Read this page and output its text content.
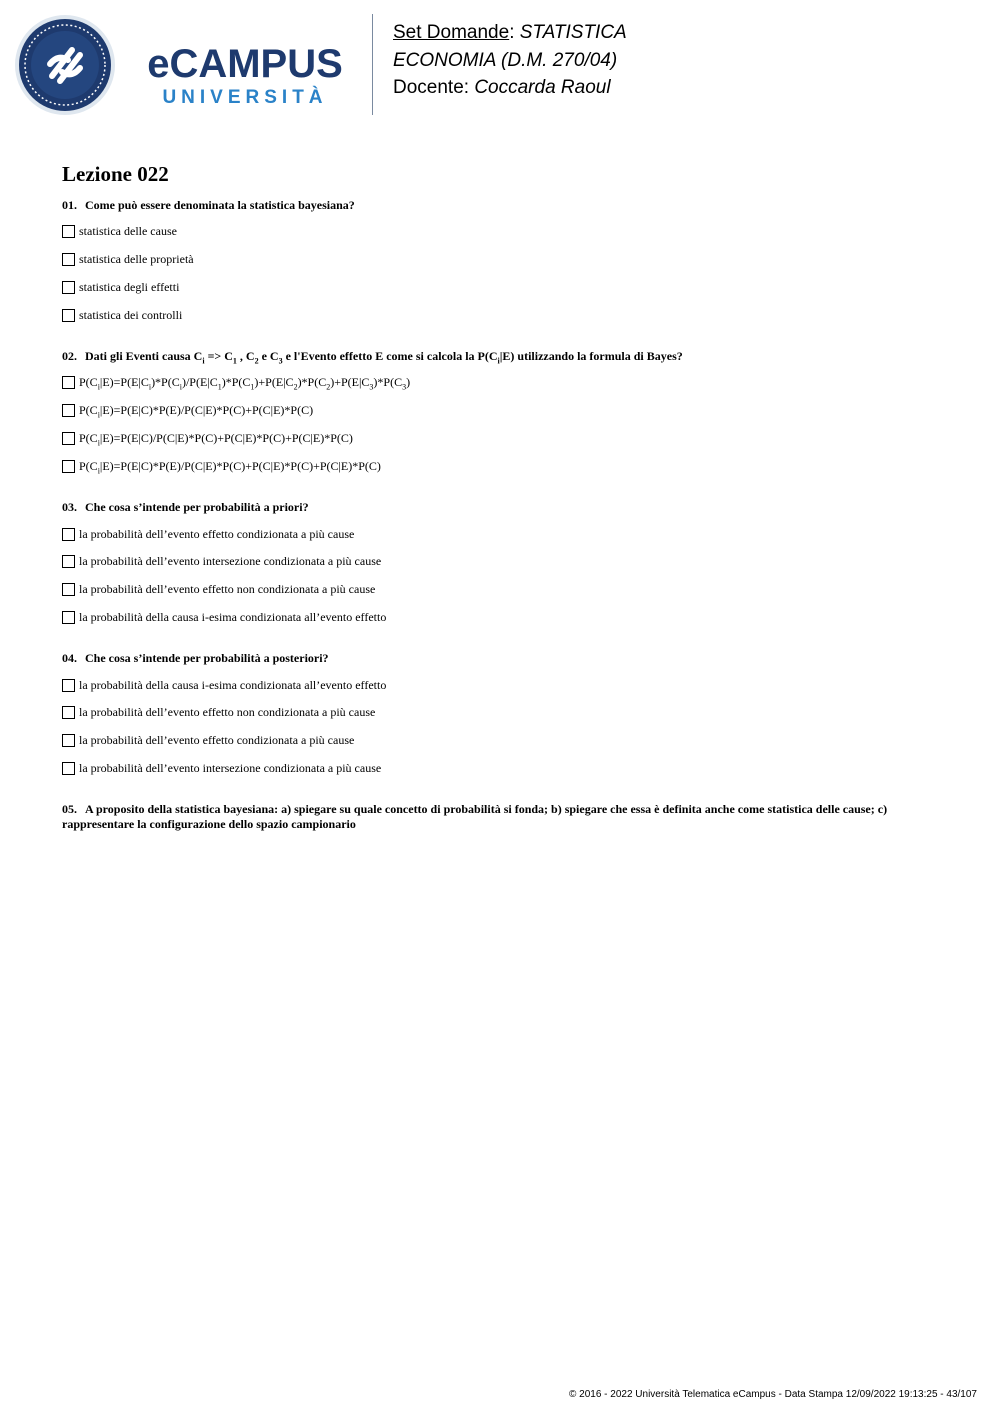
eCAMPUS
UNIVERSITÀ
Set Domande: STATISTICA
ECONOMIA (D.M. 270/04)
Docente: Coccarda Raoul
Lezione 022
01. Come può essere denominata la statistica bayesiana?
statistica delle cause
statistica delle proprietà
statistica degli effetti
statistica dei controlli
02. Dati gli Eventi causa $C_i => C_1$ , $C_2$ e $C_3$ e l'Evento effetto E come si calcola la $P(C_i|E)$ utilizzando la formula di Bayes?
$P(C_i|E)=P(E|C_i)*P(C_i)/P(E|C_1)*P(C_1)+P(E|C_2)*P(C_2)+P(E|C_3)*P(C_3)$
$P(C_i|E)=P(E|C)*P(E)/P(C|E)*P(C)+P(C|E)*P(C)$
$P(C_i|E)=P(E|C)/P(C|E)*P(C)+P(C|E)*P(C)+P(C|E)*P(C)$
$P(C_i|E)=P(E|C)*P(E)/P(C|E)*P(C)+P(C|E)*P(C)+P(C|E)*P(C)$
03. Che cosa s’intende per probabilità a priori?
la probabilità dell’evento effetto condizionata a più cause
la probabilità dell’evento intersezione condizionata a più cause
la probabilità dell’evento effetto non condizionata a più cause
la probabilità della causa i-esima condizionata all’evento effetto
04. Che cosa s’intende per probabilità a posteriori?
la probabilità della causa i-esima condizionata all’evento effetto
la probabilità dell’evento effetto non condizionata a più cause
la probabilità dell’evento effetto condizionata a più cause
la probabilità dell’evento intersezione condizionata a più cause
05. A proposito della statistica bayesiana: a) spiegare su quale concetto di probabilità si fonda; b) spiegare che essa è definita anche come statistica delle cause; c) rappresentare la configurazione dello spazio campionario
© 2016 - 2022 Università Telematica eCampus - Data Stampa 12/09/2022 19:13:25 - 43/107
